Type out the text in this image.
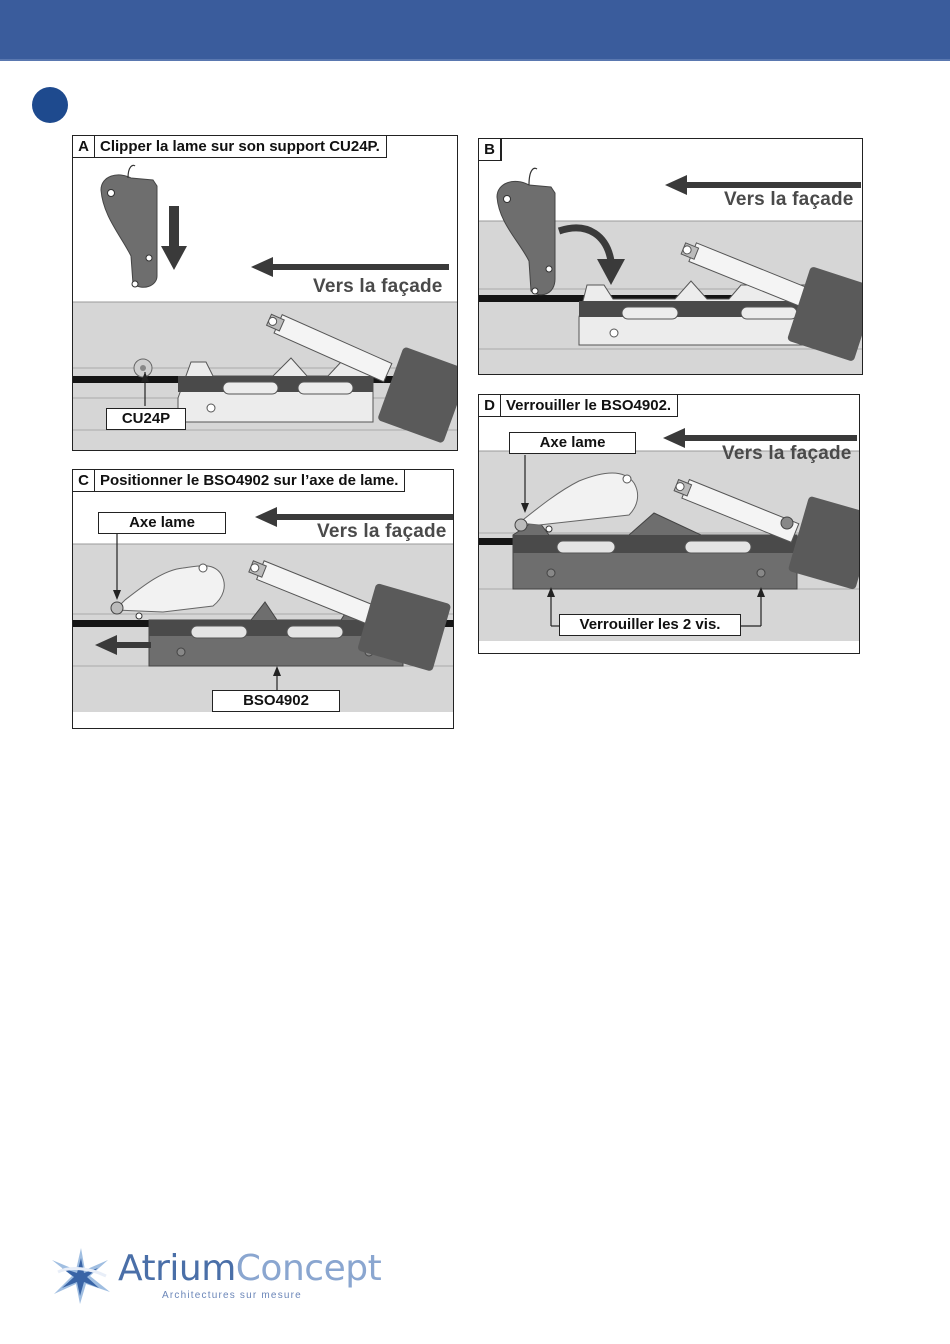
A Clipper la lame sur son support CU24P.
Vers la façade
CU24P
B
Vers la façade
C Positionner le BSO4902 sur l’axe de lame.
Vers la façade
Axe lame
BSO4902
D Verrouiller le BSO4902.
Vers la façade
Axe lame
Verrouiller les 2 vis.
AtriumConcept
Architectures sur mesure
